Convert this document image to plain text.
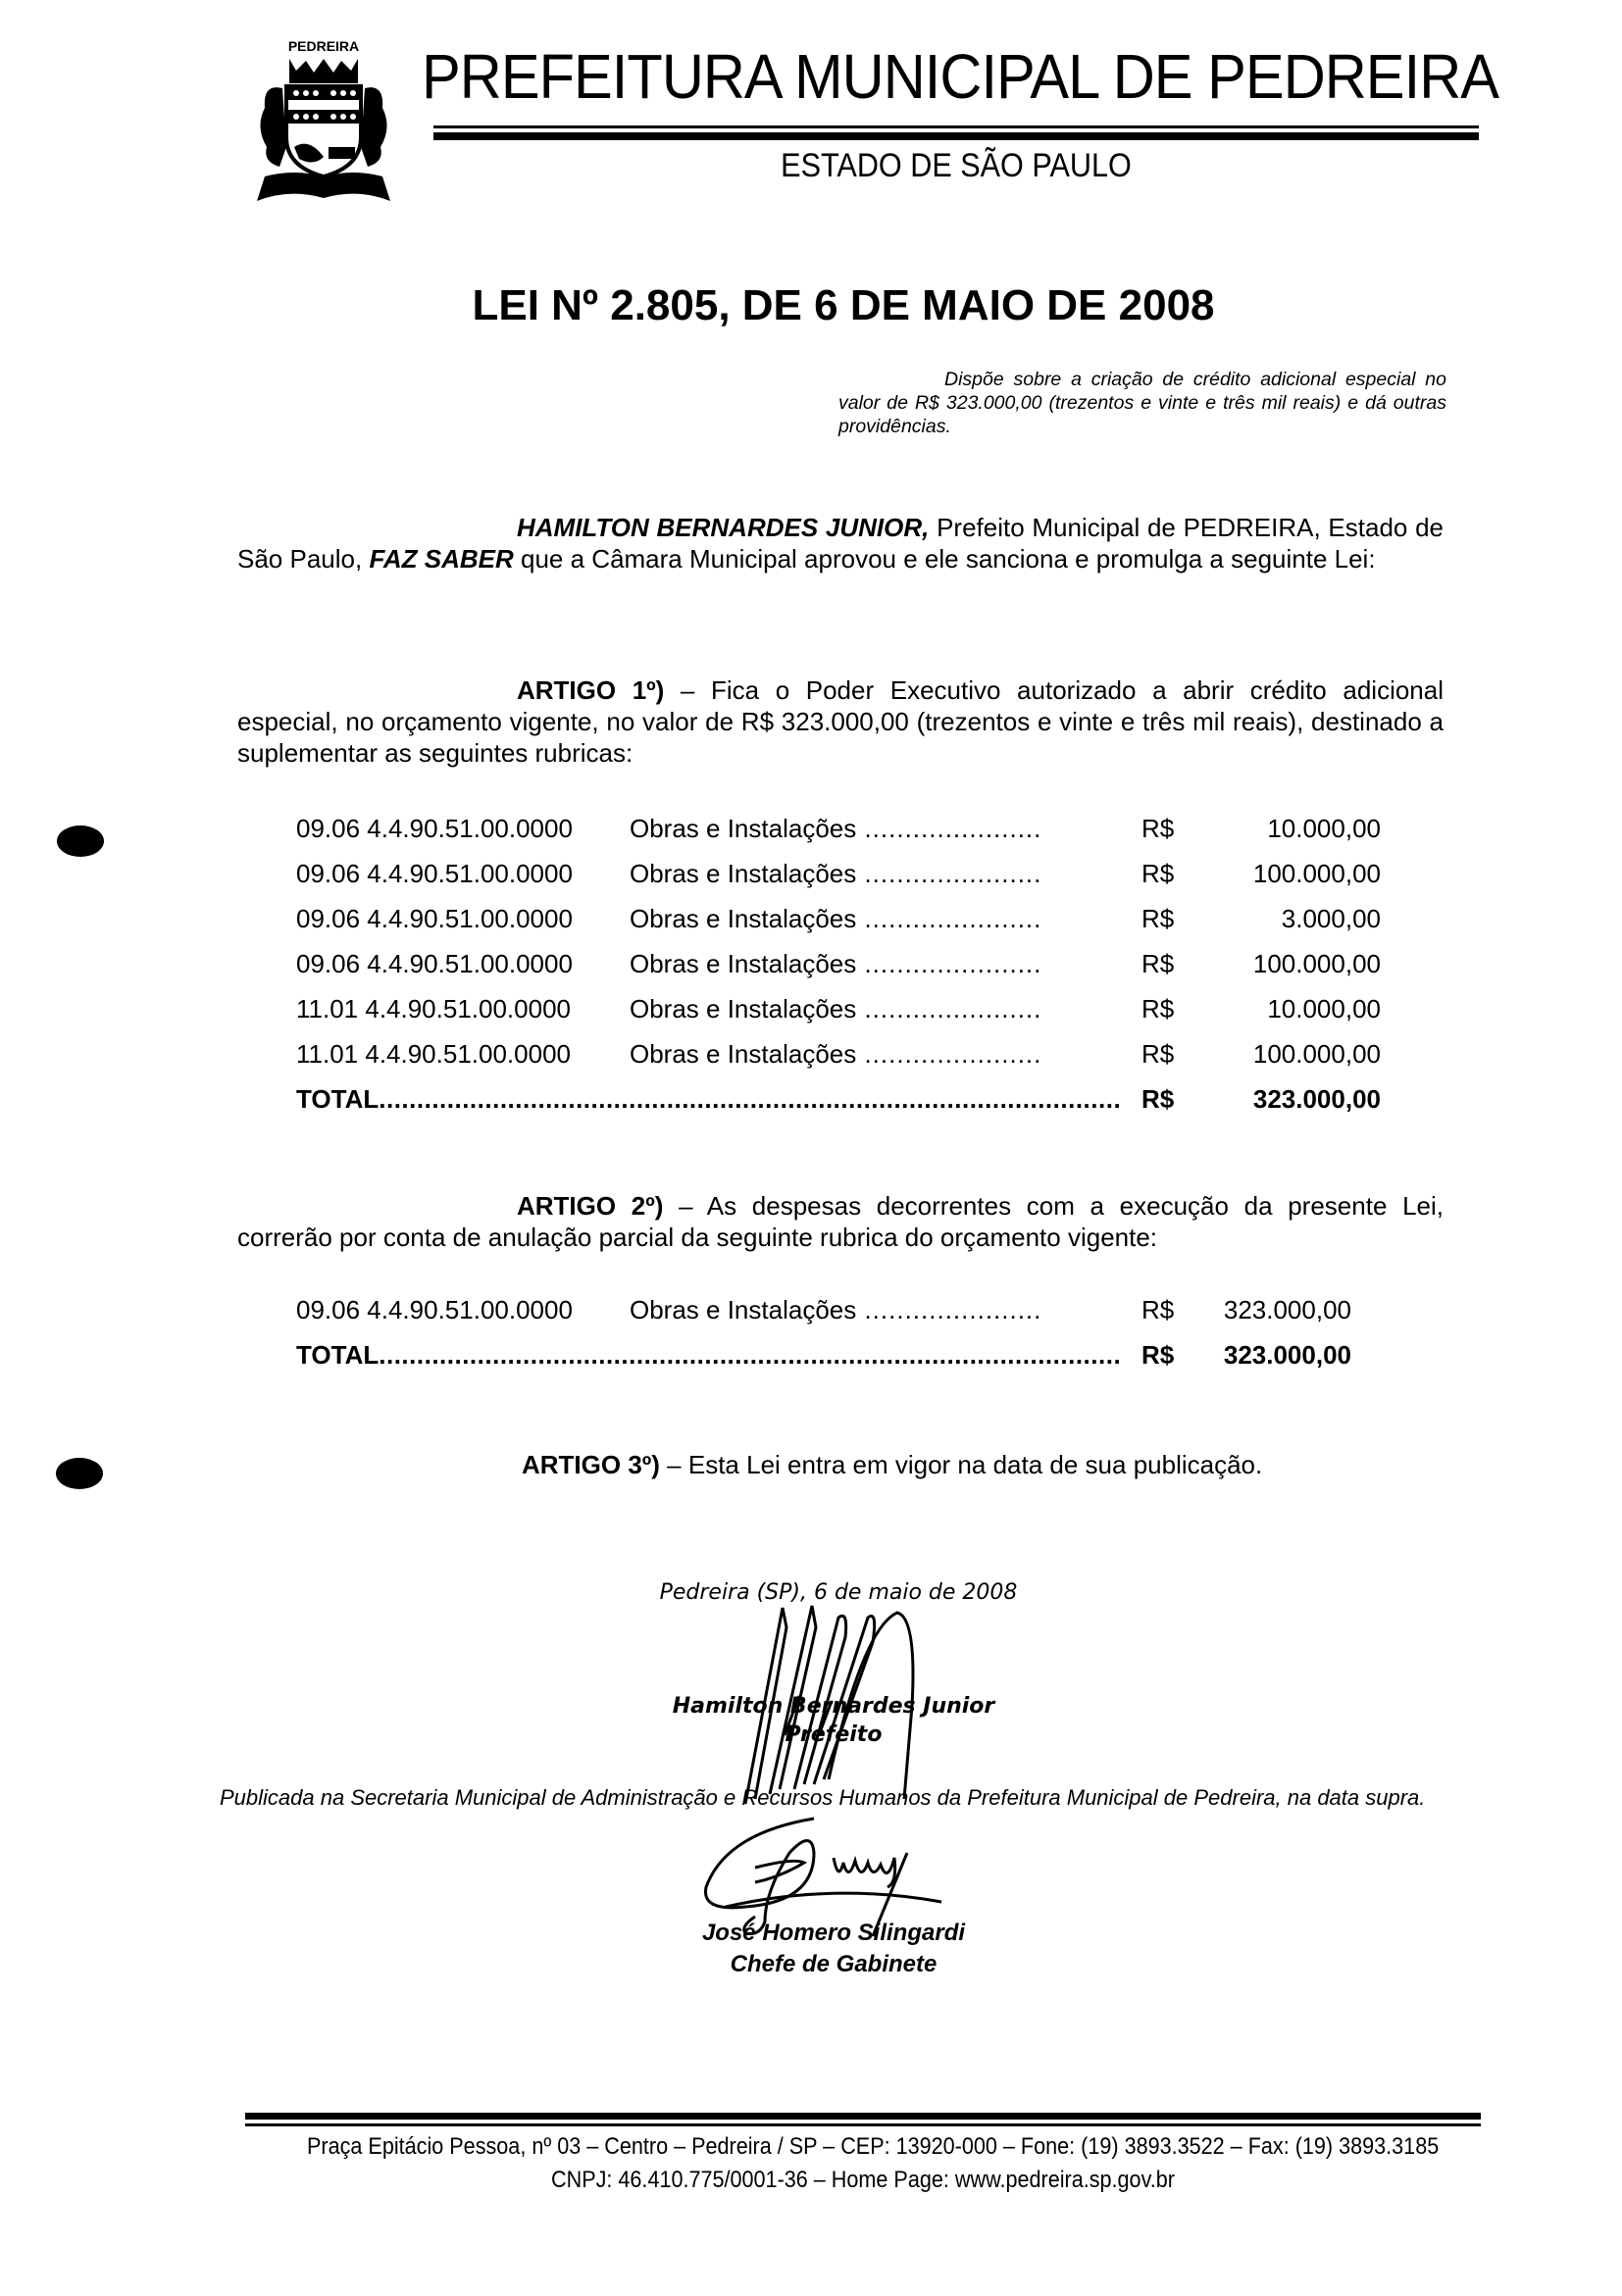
PEDREIRA PREFEITURA MUNICIPAL DE PEDREIRA
ESTADO DE SÃO PAULO
LEI Nº 2.805, DE 6 DE MAIO DE 2008
Dispõe sobre a criação de crédito adicional especial no valor de R$ 323.000,00 (trezentos e vinte e três mil reais) e dá outras providências.
HAMILTON BERNARDES JUNIOR, Prefeito Municipal de PEDREIRA, Estado de São Paulo, FAZ SABER que a Câmara Municipal aprovou e ele sanciona e promulga a seguinte Lei:
ARTIGO 1º) – Fica o Poder Executivo autorizado a abrir crédito adicional especial, no orçamento vigente, no valor de R$ 323.000,00 (trezentos e vinte e três mil reais), destinado a suplementar as seguintes rubricas:
09.06 4.4.90.51.00.0000 Obras e Instalações .....	R$	10.000,00
09.06 4.4.90.51.00.0000 Obras e Instalações .....	R$	100.000,00
09.06 4.4.90.51.00.0000 Obras e Instalações .....	R$	3.000,00
09.06 4.4.90.51.00.0000 Obras e Instalações .....	R$	100.000,00
11.01 4.4.90.51.00.0000 Obras e Instalações .....	R$	10.000,00
11.01 4.4.90.51.00.0000 Obras e Instalações .....	R$	100.000,00
TOTAL .....	R$	323.000,00
ARTIGO 2º) – As despesas decorrentes com a execução da presente Lei, correrão por conta de anulação parcial da seguinte rubrica do orçamento vigente:
09.06 4.4.90.51.00.0000 Obras e Instalações .....	R$ 323.000,00
TOTAL .....	R$ 323.000,00
ARTIGO 3º) – Esta Lei entra em vigor na data de sua publicação.
Pedreira (SP), 6 de maio de 2008
Hamilton Bernardes Junior
Prefeito
Publicada na Secretaria Municipal de Administração e Recursos Humanos da Prefeitura Municipal de Pedreira, na data supra.
José Homero Silingardi
Chefe de Gabinete
Praça Epitácio Pessoa, nº 03 – Centro – Pedreira / SP – CEP: 13920-000 – Fone: (19) 3893.3522 – Fax: (19) 3893.3185
CNPJ: 46.410.775/0001-36 – Home Page: www.pedreira.sp.gov.br
